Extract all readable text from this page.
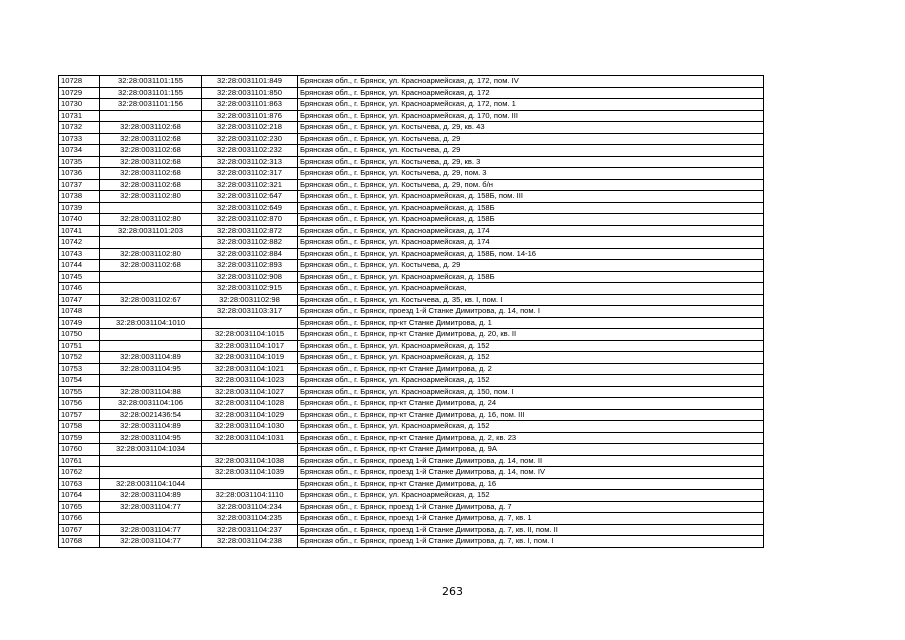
10728	32:28:0031101:155	32:28:0031101:849	Брянская обл., г. Брянск, ул. Красноармейская, д. 172, пом. IV
10729	32:28:0031101:155	32:28:0031101:850	Брянская обл., г. Брянск, ул. Красноармейская, д. 172
10730	32:28:0031101:156	32:28:0031101:863	Брянская обл., г. Брянск, ул. Красноармейская, д. 172, пом. 1
10731		32:28:0031101:876	Брянская обл., г. Брянск, ул. Красноармейская, д. 170, пом. III
10732	32:28:0031102:68	32:28:0031102:218	Брянская обл., г. Брянск, ул. Костычева, д. 29, кв. 43
10733	32:28:0031102:68	32:28:0031102:230	Брянская обл., г. Брянск, ул. Костычева, д. 29
10734	32:28:0031102:68	32:28:0031102:232	Брянская обл., г. Брянск, ул. Костычева, д. 29
10735	32:28:0031102:68	32:28:0031102:313	Брянская обл., г. Брянск, ул. Костычева, д. 29, кв. 3
10736	32:28:0031102:68	32:28:0031102:317	Брянская обл., г. Брянск, ул. Костычева, д. 29, пом. 3
10737	32:28:0031102:68	32:28:0031102:321	Брянская обл., г. Брянск, ул. Костычева, д. 29, пом. б/н
10738	32:28:0031102:80	32:28:0031102:647	Брянская обл., г. Брянск, ул. Красноармейская, д. 158Б, пом. III
10739		32:28:0031102:649	Брянская обл., г. Брянск, ул. Красноармейская, д. 158Б
10740	32:28:0031102:80	32:28:0031102:870	Брянская обл., г. Брянск, ул. Красноармейская, д. 158Б
10741	32:28:0031101:203	32:28:0031102:872	Брянская обл., г. Брянск, ул. Красноармейская, д. 174
10742		32:28:0031102:882	Брянская обл., г. Брянск, ул. Красноармейская, д. 174
10743	32:28:0031102:80	32:28:0031102:884	Брянская обл., г. Брянск, ул. Красноармейская, д. 158Б, пом. 14-16
10744	32:28:0031102:68	32:28:0031102:893	Брянская обл., г. Брянск, ул. Костычева, д. 29
10745		32:28:0031102:908	Брянская обл., г. Брянск, ул. Красноармейская, д. 158Б
10746		32:28:0031102:915	Брянская обл., г. Брянск, ул. Красноармейская,
10747	32:28:0031102:67	32:28:0031102:98	Брянская обл., г. Брянск, ул. Костычева, д. 35, кв. I, пом. I
10748		32:28:0031103:317	Брянская обл., г. Брянск, проезд 1-й Станке Димитрова, д. 14, пом. I
10749	32:28:0031104:1010		Брянская обл., г. Брянск, пр-кт Станке Димитрова, д. 1
10750		32:28:0031104:1015	Брянская обл., г. Брянск, пр-кт Станке Димитрова, д. 20, кв. II
10751		32:28:0031104:1017	Брянская обл., г. Брянск, ул. Красноармейская, д. 152
10752	32:28:0031104:89	32:28:0031104:1019	Брянская обл., г. Брянск, ул. Красноармейская, д. 152
10753	32:28:0031104:95	32:28:0031104:1021	Брянская обл., г. Брянск, пр-кт Станке Димитрова, д. 2
10754		32:28:0031104:1023	Брянская обл., г. Брянск, ул. Красноармейская, д. 152
10755	32:28:0031104:88	32:28:0031104:1027	Брянская обл., г. Брянск, ул. Красноармейская, д. 150, пом. I
10756	32:28:0031104:106	32:28:0031104:1028	Брянская обл., г. Брянск, пр-кт Станке Димитрова, д. 24
10757	32:28:0021436:54	32:28:0031104:1029	Брянская обл., г. Брянск, пр-кт Станке Димитрова, д. 16, пом. III
10758	32:28:0031104:89	32:28:0031104:1030	Брянская обл., г. Брянск, ул. Красноармейская, д. 152
10759	32:28:0031104:95	32:28:0031104:1031	Брянская обл., г. Брянск, пр-кт Станке Димитрова, д. 2, кв. 23
10760	32:28:0031104:1034		Брянская обл., г. Брянск, пр-кт Станке Димитрова, д. 9А
10761		32:28:0031104:1038	Брянская обл., г. Брянск, проезд 1-й Станке Димитрова, д. 14, пом. II
10762		32:28:0031104:1039	Брянская обл., г. Брянск, проезд 1-й Станке Димитрова, д. 14, пом. IV
10763	32:28:0031104:1044		Брянская обл., г. Брянск, пр-кт Станке Димитрова, д. 16
10764	32:28:0031104:89	32:28:0031104:1110	Брянская обл., г. Брянск, ул. Красноармейская, д. 152
10765	32:28:0031104:77	32:28:0031104:234	Брянская обл., г. Брянск, проезд 1-й Станке Димитрова, д. 7
10766		32:28:0031104:235	Брянская обл., г. Брянск, проезд 1-й Станке Димитрова, д. 7, кв. 1
10767	32:28:0031104:77	32:28:0031104:237	Брянская обл., г. Брянск, проезд 1-й Станке Димитрова, д. 7, кв. II, пом. II
10768	32:28:0031104:77	32:28:0031104:238	Брянская обл., г. Брянск, проезд 1-й Станке Димитрова, д. 7, кв. I, пом. I
263
